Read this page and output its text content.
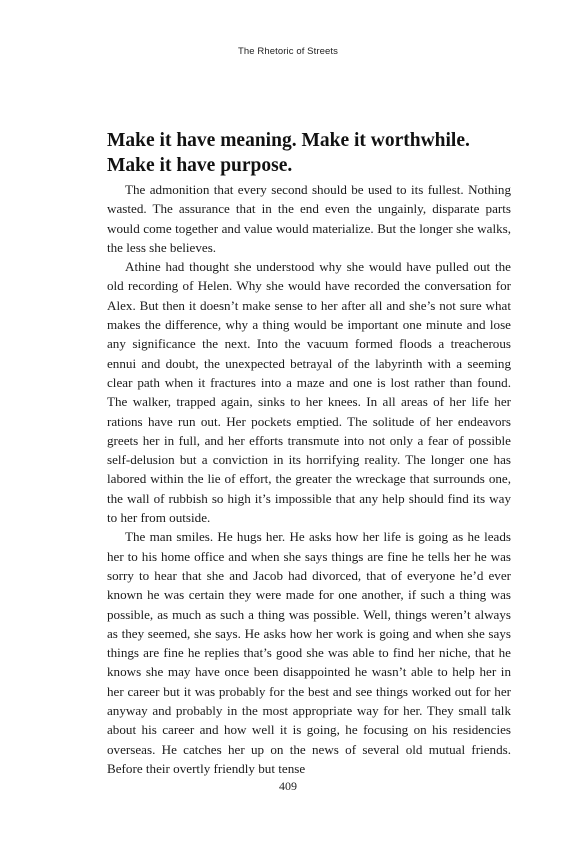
The Rhetoric of Streets
Make it have meaning. Make it worthwhile. Make it have purpose.

The admonition that every second should be used to its fullest. Nothing wasted. The assurance that in the end even the ungainly, disparate parts would come together and value would materialize. But the longer she walks, the less she believes.

Athine had thought she understood why she would have pulled out the old recording of Helen. Why she would have recorded the conversation for Alex. But then it doesn’t make sense to her after all and she’s not sure what makes the difference, why a thing would be important one minute and lose any significance the next. Into the vacuum formed floods a treacherous ennui and doubt, the unexpected betrayal of the labyrinth with a seeming clear path when it fractures into a maze and one is lost rather than found. The walker, trapped again, sinks to her knees. In all areas of her life her rations have run out. Her pockets emptied. The solitude of her endeavors greets her in full, and her efforts transmute into not only a fear of possible self-delusion but a conviction in its horrifying reality. The longer one has labored within the lie of effort, the greater the wreckage that surrounds one, the wall of rubbish so high it’s impossible that any help should find its way to her from outside.

The man smiles. He hugs her. He asks how her life is going as he leads her to his home office and when she says things are fine he tells her he was sorry to hear that she and Jacob had divorced, that of everyone he’d ever known he was certain they were made for one another, if such a thing was possible, as much as such a thing was possible. Well, things weren’t always as they seemed, she says. He asks how her work is going and when she says things are fine he replies that’s good she was able to find her niche, that he knows she may have once been disappointed he wasn’t able to help her in her career but it was probably for the best and see things worked out for her anyway and probably in the most appropriate way for her. They small talk about his career and how well it is going, he focusing on his residencies overseas. He catches her up on the news of several old mutual friends. Before their overtly friendly but tense

409
